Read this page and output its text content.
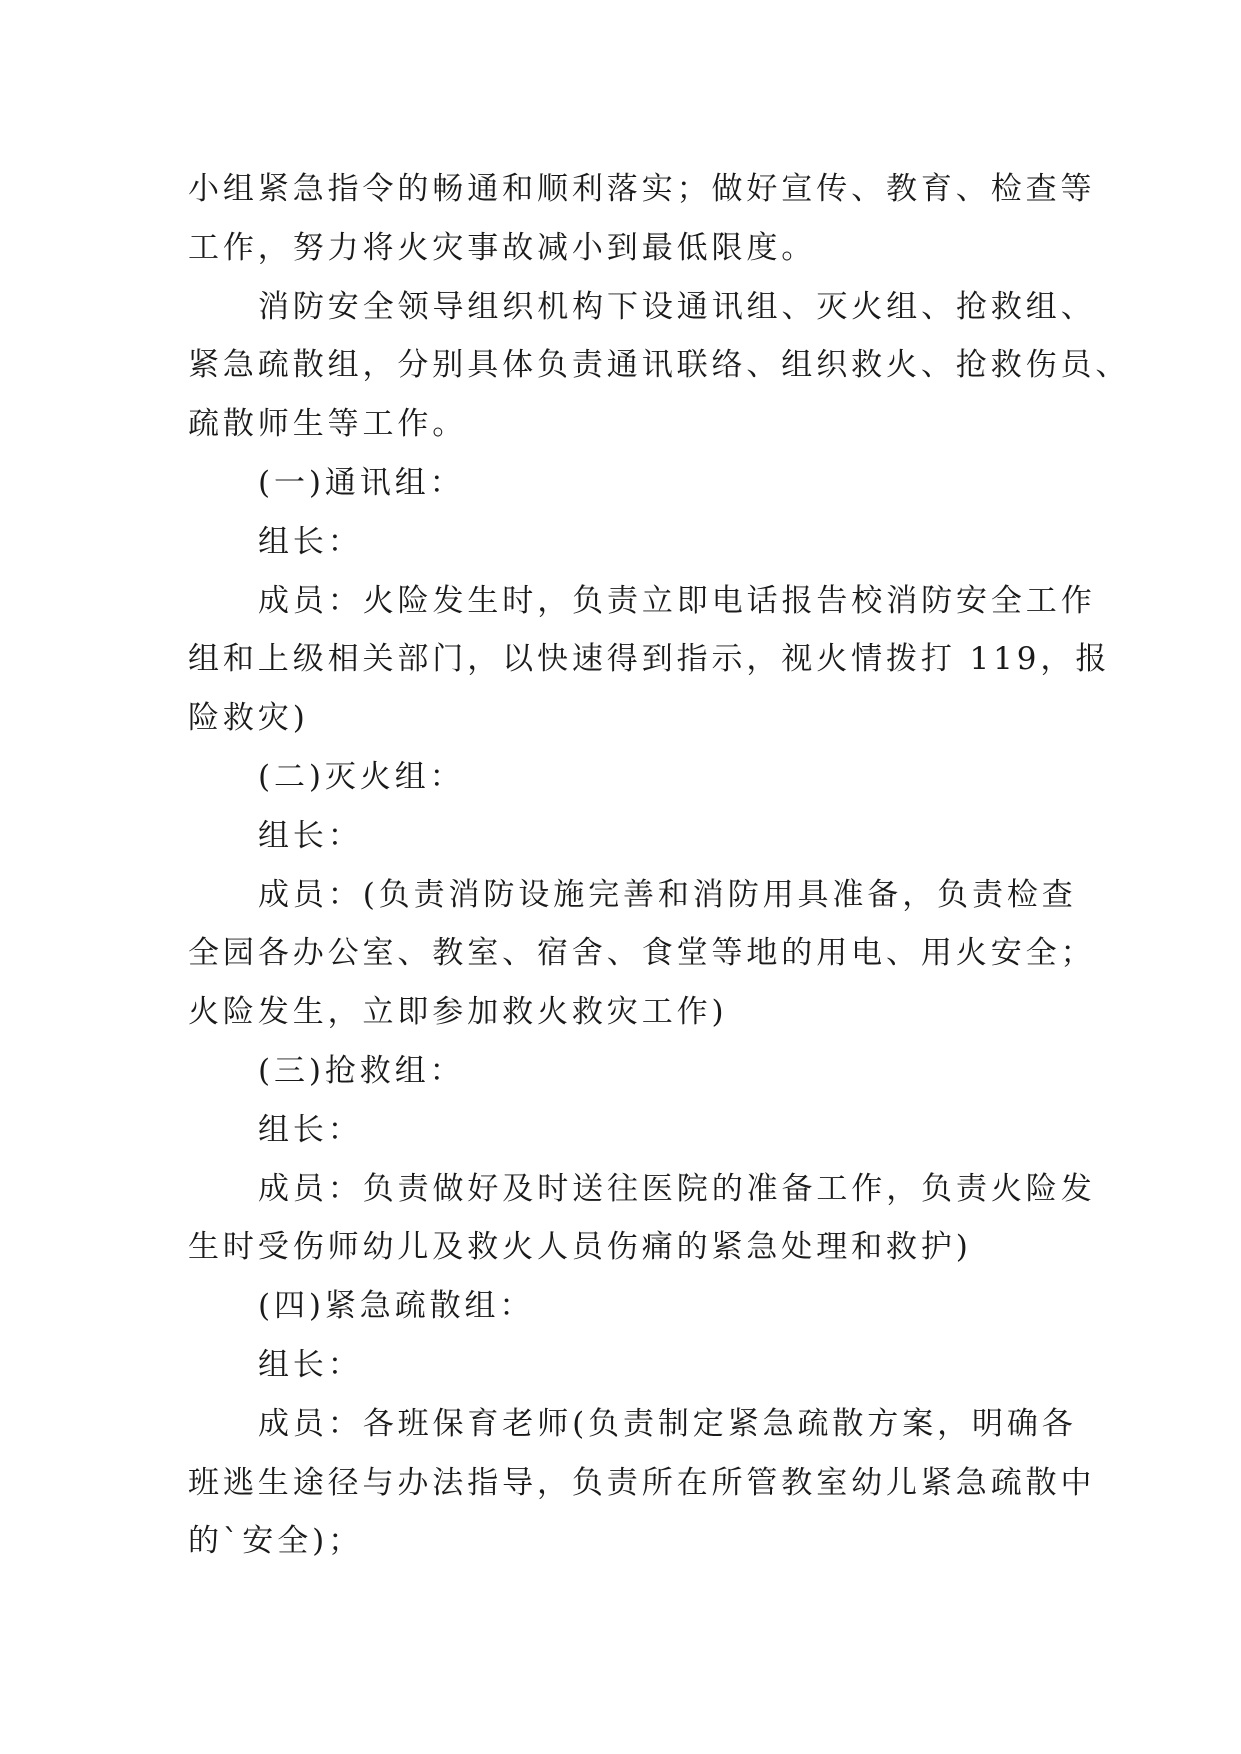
小组紧急指令的畅通和顺利落实；做好宣传、教育、检查等
工作，努力将火灾事故减小到最低限度。
消防安全领导组织机构下设通讯组、灭火组、抢救组、
紧急疏散组，分别具体负责通讯联络、组织救火、抢救伤员、
疏散师生等工作。
(一)通讯组：
组长：
成员：火险发生时，负责立即电话报告校消防安全工作
组和上级相关部门，以快速得到指示，视火情拨打 119，报
险救灾)
(二)灭火组：
组长：
成员：(负责消防设施完善和消防用具准备，负责检查
全园各办公室、教室、宿舍、食堂等地的用电、用火安全；
火险发生，立即参加救火救灾工作)
(三)抢救组：
组长：
成员：负责做好及时送往医院的准备工作，负责火险发
生时受伤师幼儿及救火人员伤痛的紧急处理和救护)
(四)紧急疏散组：
组长：
成员：各班保育老师(负责制定紧急疏散方案，明确各
班逃生途径与办法指导，负责所在所管教室幼儿紧急疏散中
的`安全)；
